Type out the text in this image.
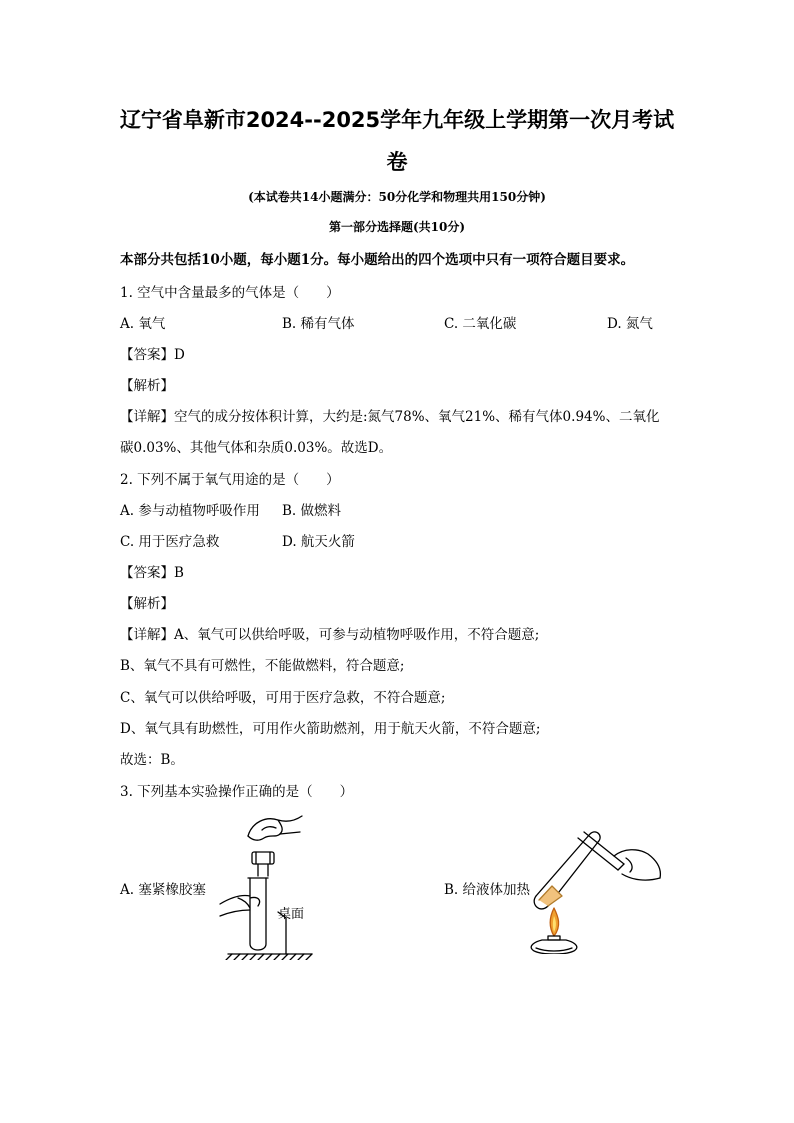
辽宁省阜新市2024--2025学年九年级上学期第一次月考试
卷
(本试卷共14小题满分：50分化学和物理共用150分钟)
第一部分选择题(共10分)
本部分共包括10小题，每小题1分。每小题给出的四个选项中只有一项符合题目要求。
1. 空气中含量最多的气体是（　　）
A. 氧气	B. 稀有气体	C. 二氧化碳	D. 氮气
【答案】D
【解析】
【详解】空气的成分按体积计算，大约是:氮气78%、氧气21%、稀有气体0.94%、二氧化
碳0.03%、其他气体和杂质0.03%。故选D。
2. 下列不属于氧气用途的是（　　）
A. 参与动植物呼吸作用 B. 做燃料
C. 用于医疗急救	D. 航天火箭
【答案】B
【解析】
【详解】A、氧气可以供给呼吸，可参与动植物呼吸作用，不符合题意;
B、氧气不具有可燃性，不能做燃料，符合题意;
C、氧气可以供给呼吸，可用于医疗急救，不符合题意;
D、氧气具有助燃性，可用作火箭助燃剂，用于航天火箭，不符合题意;
故选：B。
3. 下列基本实验操作正确的是（　　）
A. 塞紧橡胶塞	B. 给液体加热
桌面
